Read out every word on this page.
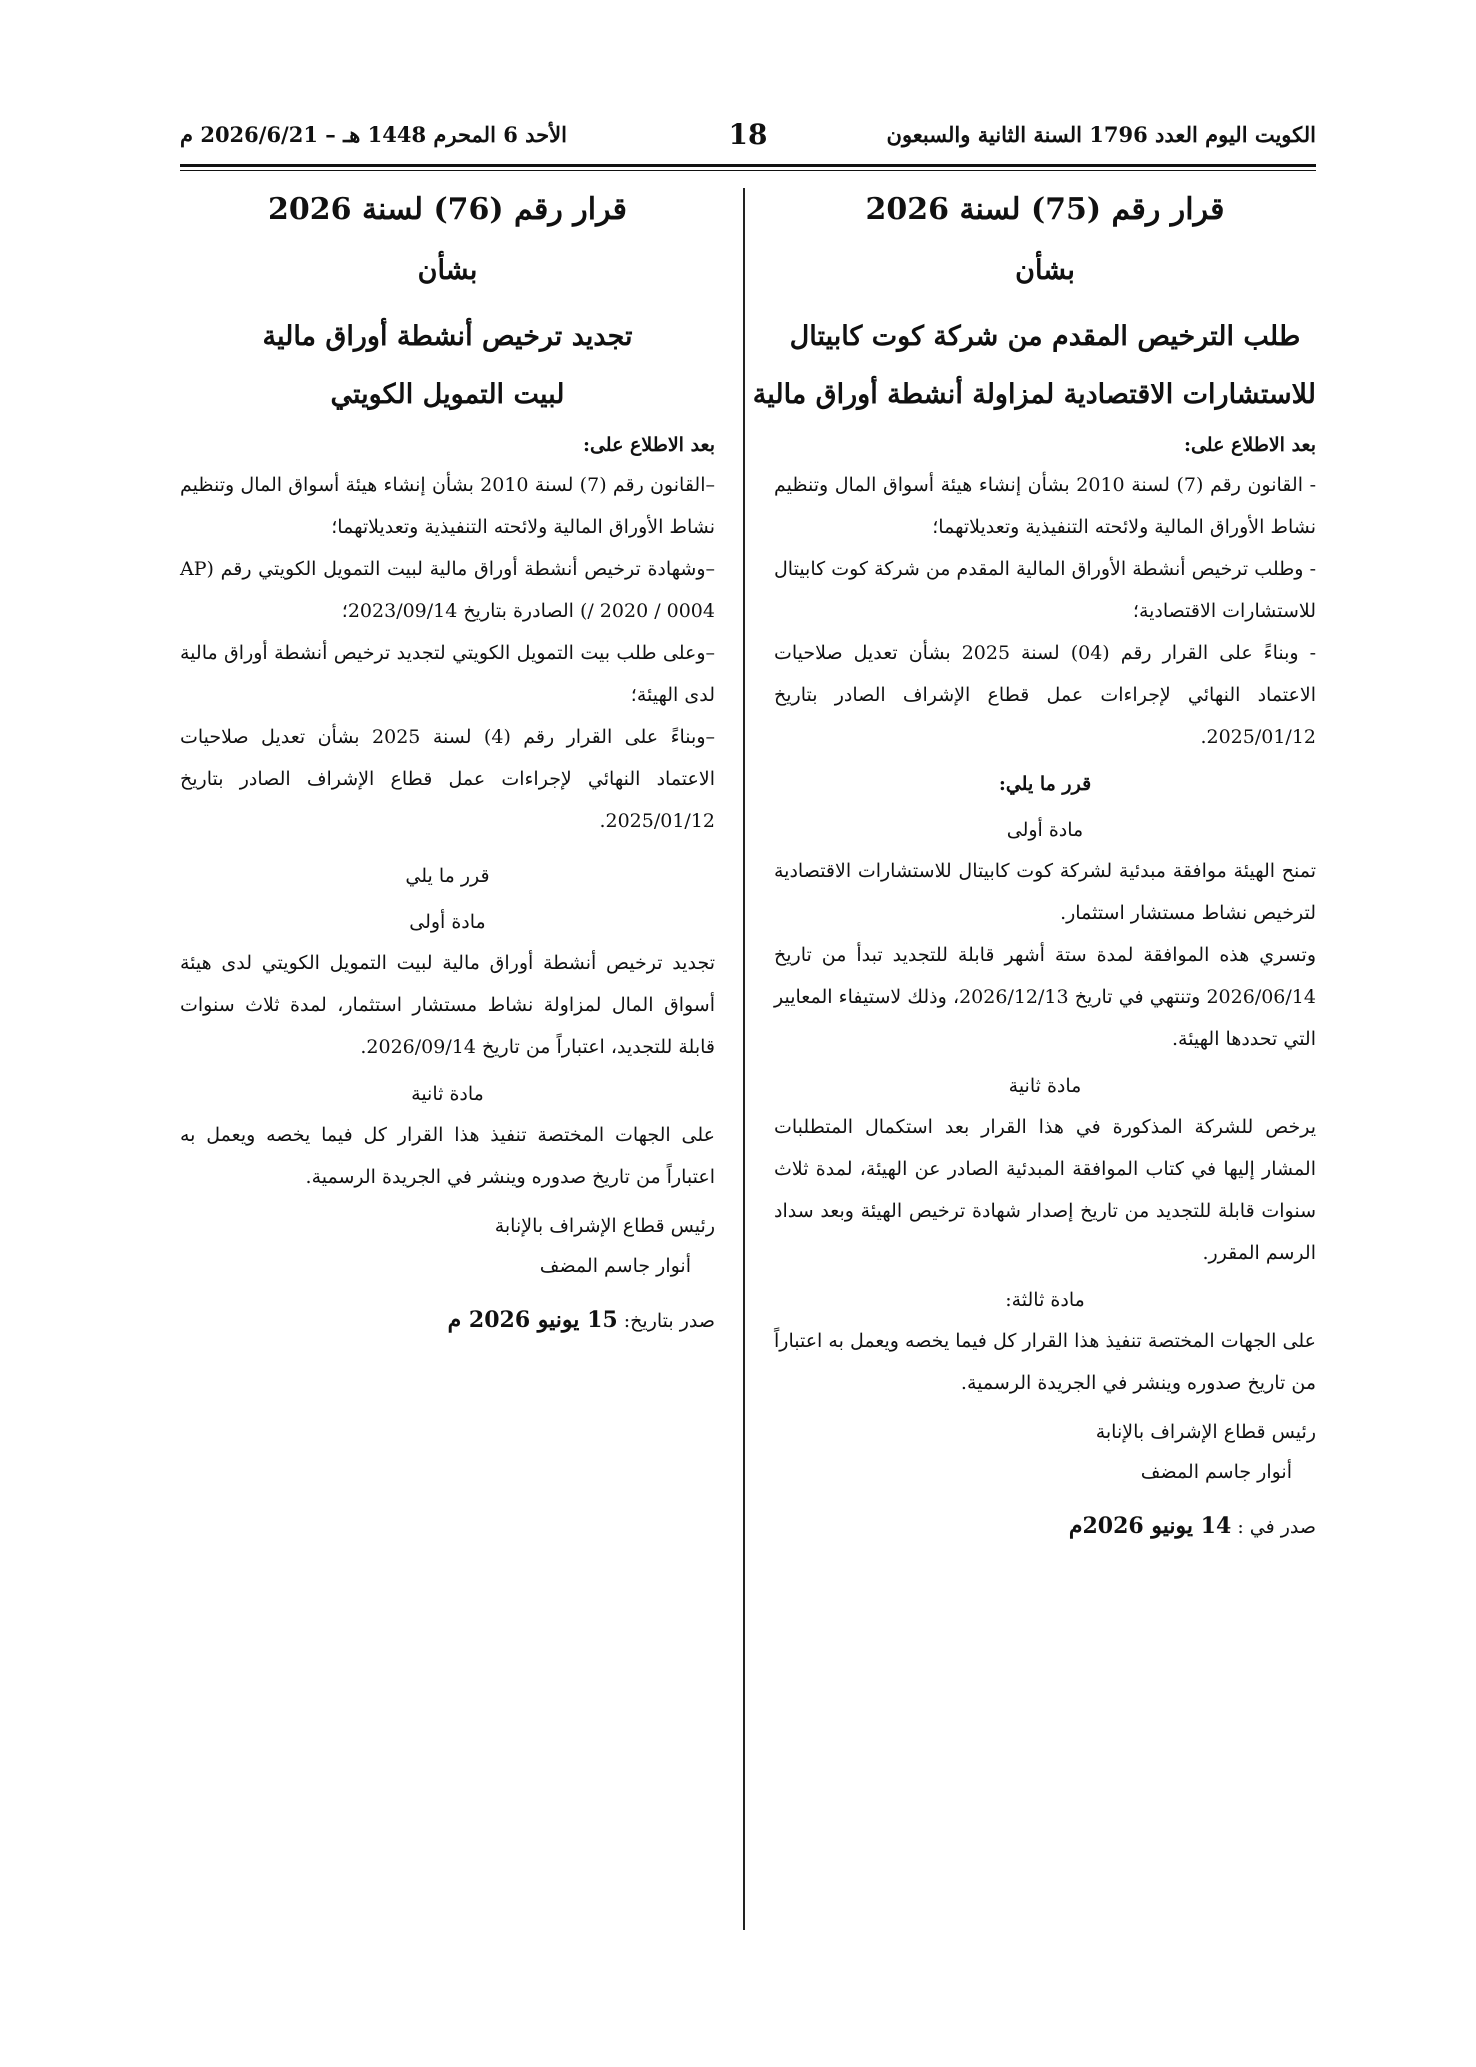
الكويت اليوم العدد 1796 السنة الثانية والسبعون
18
الأحد 6 المحرم 1448 هـ – 2026/6/21 م
قرار رقم (75) لسنة 2026
بشأن
طلب الترخيص المقدم من شركة كوت كابيتال
للاستشارات الاقتصادية لمزاولة أنشطة أوراق مالية
بعد الاطلاع على:

- القانون رقم (7) لسنة 2010 بشأن إنشاء هيئة أسواق المال وتنظيم نشاط الأوراق المالية ولائحته التنفيذية وتعديلاتهما؛

- وطلب ترخيص أنشطة الأوراق المالية المقدم من شركة كوت كابيتال للاستشارات الاقتصادية؛

- وبناءً على القرار رقم (04) لسنة 2025 بشأن تعديل صلاحيات الاعتماد النهائي لإجراءات عمل قطاع الإشراف الصادر بتاريخ 2025/01/12.

قرر ما يلي:
مادة أولى

تمنح الهيئة موافقة مبدئية لشركة كوت كابيتال للاستشارات الاقتصادية لترخيص نشاط مستشار استثمار.

وتسري هذه الموافقة لمدة ستة أشهر قابلة للتجديد تبدأ من تاريخ 2026/06/14 وتنتهي في تاريخ 2026/12/13، وذلك لاستيفاء المعايير التي تحددها الهيئة.

مادة ثانية

يرخص للشركة المذكورة في هذا القرار بعد استكمال المتطلبات المشار إليها في كتاب الموافقة المبدئية الصادر عن الهيئة، لمدة ثلاث سنوات قابلة للتجديد من تاريخ إصدار شهادة ترخيص الهيئة وبعد سداد الرسم المقرر.

مادة ثالثة:

على الجهات المختصة تنفيذ هذا القرار كل فيما يخصه ويعمل به اعتباراً من تاريخ صدوره وينشر في الجريدة الرسمية.

رئيس قطاع الإشراف بالإنابة
أنوار جاسم المضف
صدر في : 14 يونيو 2026م
قرار رقم (76) لسنة 2026
بشأن
تجديد ترخيص أنشطة أوراق مالية
لبيت التمويل الكويتي
بعد الاطلاع على:

–القانون رقم (7) لسنة 2010 بشأن إنشاء هيئة أسواق المال وتنظيم نشاط الأوراق المالية ولائحته التنفيذية وتعديلاتهما؛

–وشهادة ترخيص أنشطة أوراق مالية لبيت التمويل الكويتي رقم (AP / 2020 / 0004) الصادرة بتاريخ 2023/09/14؛

–وعلى طلب بيت التمويل الكويتي لتجديد ترخيص أنشطة أوراق مالية لدى الهيئة؛

–وبناءً على القرار رقم (4) لسنة 2025 بشأن تعديل صلاحيات الاعتماد النهائي لإجراءات عمل قطاع الإشراف الصادر بتاريخ 2025/01/12.

قرر ما يلي
مادة أولى

تجديد ترخيص أنشطة أوراق مالية لبيت التمويل الكويتي لدى هيئة أسواق المال لمزاولة نشاط مستشار استثمار، لمدة ثلاث سنوات قابلة للتجديد، اعتباراً من تاريخ 2026/09/14.

مادة ثانية

على الجهات المختصة تنفيذ هذا القرار كل فيما يخصه ويعمل به اعتباراً من تاريخ صدوره وينشر في الجريدة الرسمية.

رئيس قطاع الإشراف بالإنابة
أنوار جاسم المضف
صدر بتاريخ: 15 يونيو 2026 م
